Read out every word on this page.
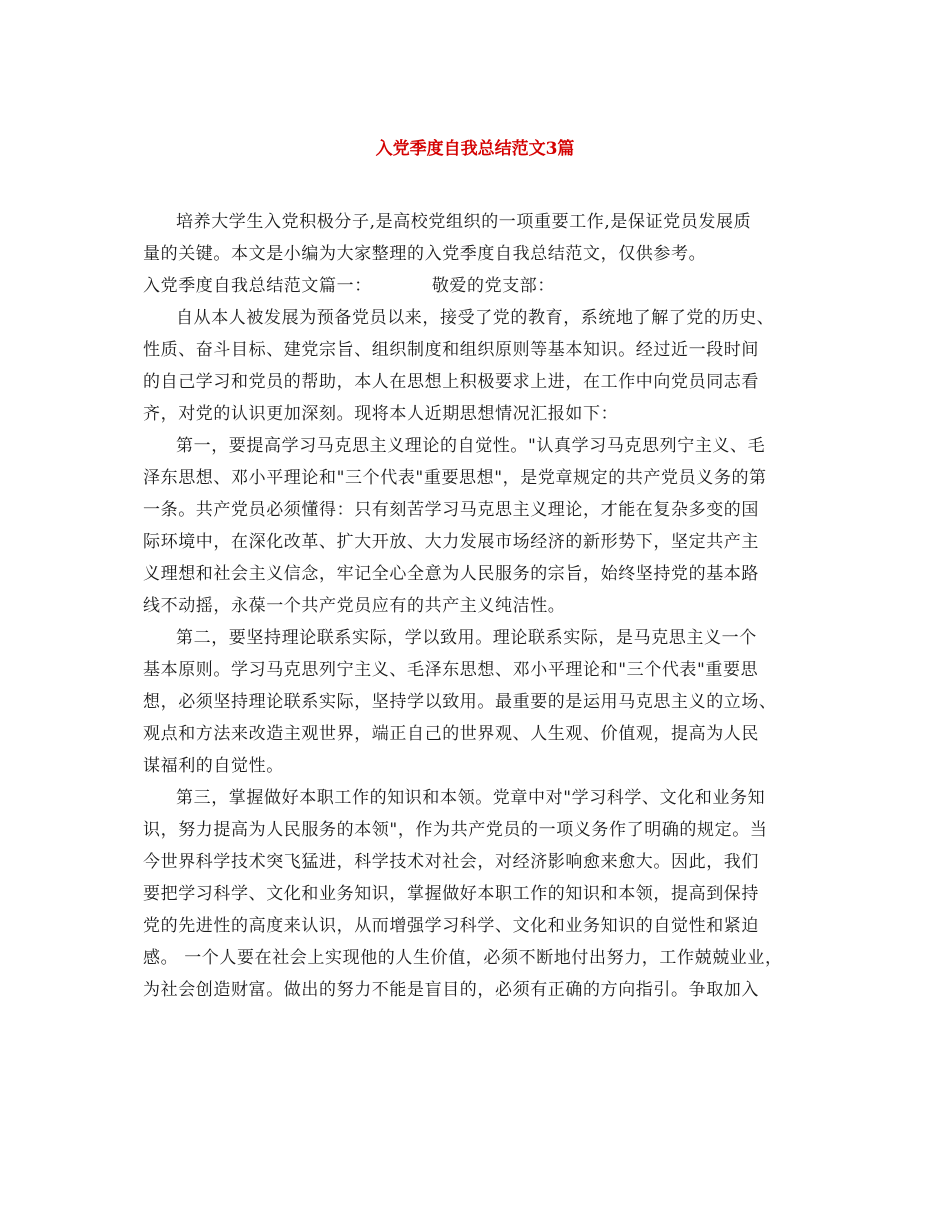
入党季度自我总结范文3篇
培养大学生入党积极分子,是高校党组织的一项重要工作,是保证党员发展质
量的关键。本文是小编为大家整理的入党季度自我总结范文，仅供参考。
入党季度自我总结范文篇一：	敬爱的党支部：
自从本人被发展为预备党员以来，接受了党的教育，系统地了解了党的历史、
性质、奋斗目标、建党宗旨、组织制度和组织原则等基本知识。经过近一段时间
的自己学习和党员的帮助，本人在思想上积极要求上进，在工作中向党员同志看
齐，对党的认识更加深刻。现将本人近期思想情况汇报如下：
第一，要提高学习马克思主义理论的自觉性。"认真学习马克思列宁主义、毛
泽东思想、邓小平理论和"三个代表"重要思想"，是党章规定的共产党员义务的第
一条。共产党员必须懂得：只有刻苦学习马克思主义理论，才能在复杂多变的国
际环境中，在深化改革、扩大开放、大力发展市场经济的新形势下，坚定共产主
义理想和社会主义信念，牢记全心全意为人民服务的宗旨，始终坚持党的基本路
线不动摇，永葆一个共产党员应有的共产主义纯洁性。
第二，要坚持理论联系实际，学以致用。理论联系实际，是马克思主义一个
基本原则。学习马克思列宁主义、毛泽东思想、邓小平理论和"三个代表"重要思
想，必须坚持理论联系实际，坚持学以致用。最重要的是运用马克思主义的立场、
观点和方法来改造主观世界，端正自己的世界观、人生观、价值观，提高为人民
谋福利的自觉性。
第三，掌握做好本职工作的知识和本领。党章中对"学习科学、文化和业务知
识，努力提高为人民服务的本领"，作为共产党员的一项义务作了明确的规定。当
今世界科学技术突飞猛进，科学技术对社会，对经济影响愈来愈大。因此，我们
要把学习科学、文化和业务知识，掌握做好本职工作的知识和本领，提高到保持
党的先进性的高度来认识，从而增强学习科学、文化和业务知识的自觉性和紧迫
感。 一个人要在社会上实现他的人生价值，必须不断地付出努力，工作兢兢业业，
为社会创造财富。做出的努力不能是盲目的，必须有正确的方向指引。争取加入
